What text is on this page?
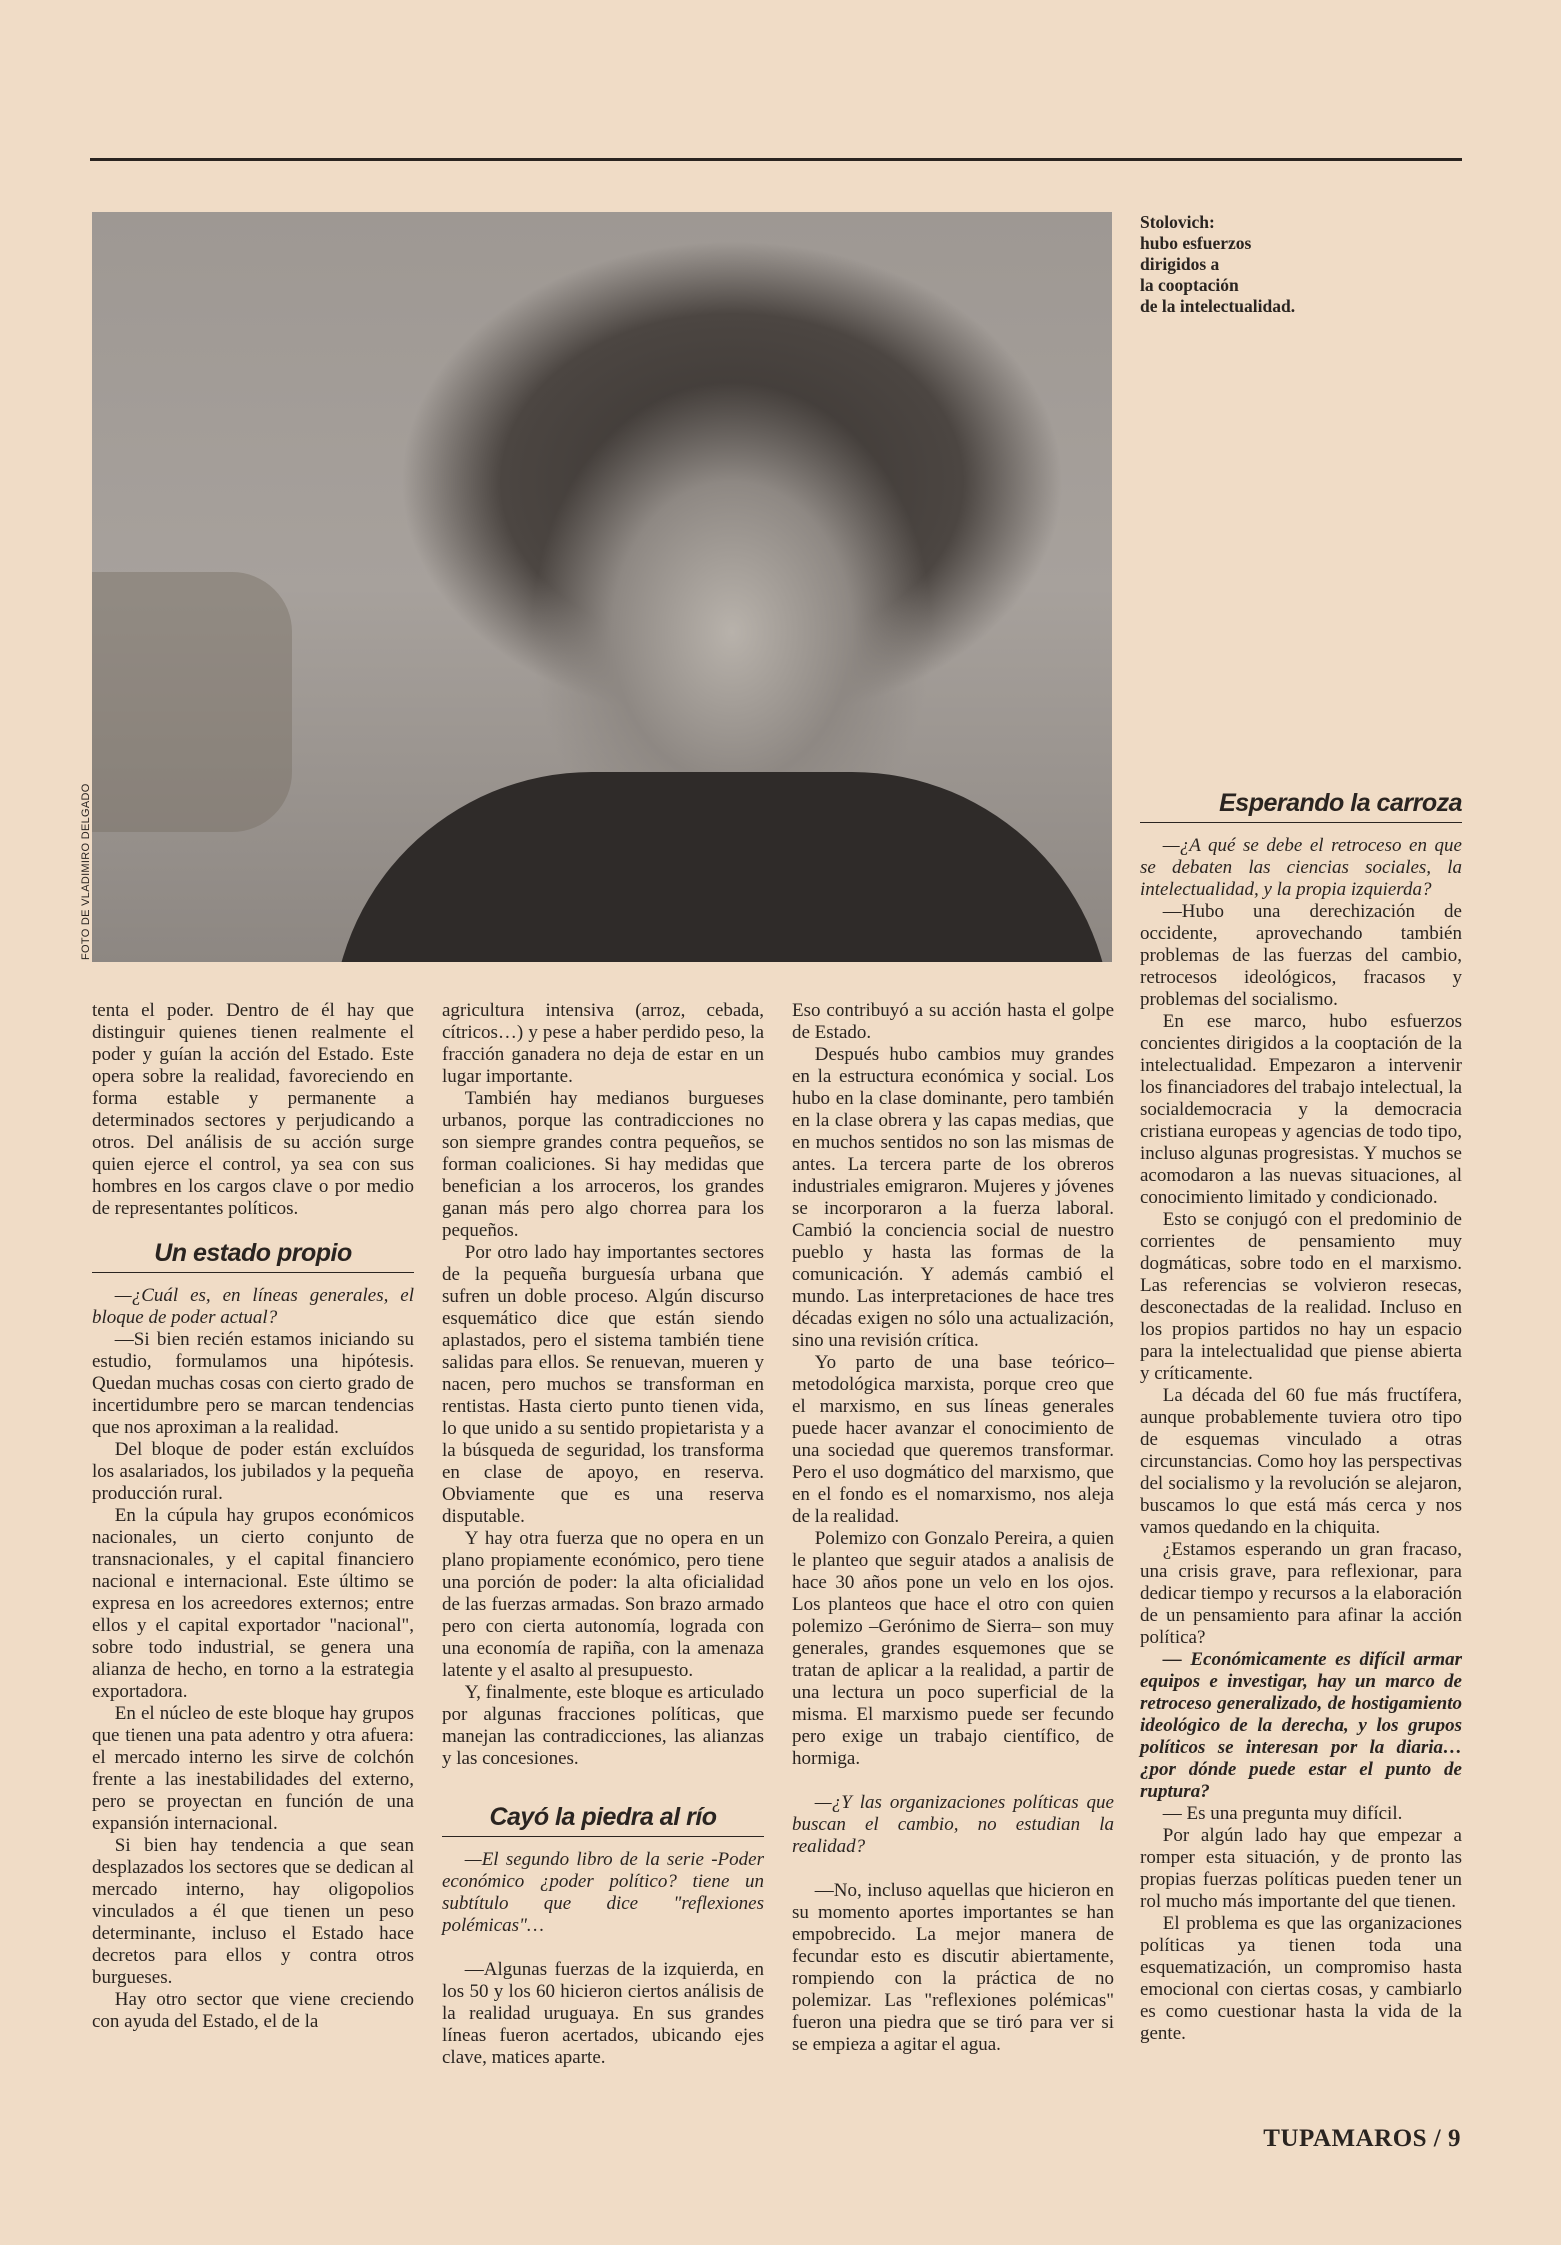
FOTO DE VLADIMIRO DELGADO
Stolovich:
hubo esfuerzos
dirigidos a
la cooptación
de la intelectualidad.

tenta el poder. Dentro de él hay que distinguir quienes tienen realmente el poder y guían la acción del Estado. Este opera sobre la realidad, favoreciendo en forma estable y permanente a determinados sectores y perjudicando a otros. Del análisis de su acción surge quien ejerce el control, ya sea con sus hombres en los cargos clave o por medio de representantes políticos.

Un estado propio

—¿Cuál es, en líneas generales, el bloque de poder actual?

—Si bien recién estamos iniciando su estudio, formulamos una hipótesis. Quedan muchas cosas con cierto grado de incertidumbre pero se marcan tendencias que nos aproximan a la realidad.

Del bloque de poder están excluídos los asalariados, los jubilados y la pequeña producción rural.

En la cúpula hay grupos económicos nacionales, un cierto conjunto de transnacionales, y el capital financiero nacional e internacional. Este último se expresa en los acreedores externos; entre ellos y el capital exportador "nacional", sobre todo industrial, se genera una alianza de hecho, en torno a la estrategia exportadora.

En el núcleo de este bloque hay grupos que tienen una pata adentro y otra afuera: el mercado interno les sirve de colchón frente a las inestabilidades del externo, pero se proyectan en función de una expansión internacional.

Si bien hay tendencia a que sean desplazados los sectores que se dedican al mercado interno, hay oligopolios vinculados a él que tienen un peso determinante, incluso el Estado hace decretos para ellos y contra otros burgueses.

Hay otro sector que viene creciendo con ayuda del Estado, el de la

agricultura intensiva (arroz, cebada, cítricos…) y pese a haber perdido peso, la fracción ganadera no deja de estar en un lugar importante.

También hay medianos burgueses urbanos, porque las contradicciones no son siempre grandes contra pequeños, se forman coaliciones. Si hay medidas que benefician a los arroceros, los grandes ganan más pero algo chorrea para los pequeños.

Por otro lado hay importantes sectores de la pequeña burguesía urbana que sufren un doble proceso. Algún discurso esquemático dice que están siendo aplastados, pero el sistema también tiene salidas para ellos. Se renuevan, mueren y nacen, pero muchos se transforman en rentistas. Hasta cierto punto tienen vida, lo que unido a su sentido propietarista y a la búsqueda de seguridad, los transforma en clase de apoyo, en reserva. Obviamente que es una reserva disputable.

Y hay otra fuerza que no opera en un plano propiamente económico, pero tiene una porción de poder: la alta oficialidad de las fuerzas armadas. Son brazo armado pero con cierta autonomía, lograda con una economía de rapiña, con la amenaza latente y el asalto al presupuesto.

Y, finalmente, este bloque es articulado por algunas fracciones políticas, que manejan las contradicciones, las alianzas y las concesiones.

Cayó la piedra al río

—El segundo libro de la serie -Poder económico ¿poder político? tiene un subtítulo que dice "reflexiones polémicas"…

—Algunas fuerzas de la izquierda, en los 50 y los 60 hicieron ciertos análisis de la realidad uruguaya. En sus grandes líneas fueron acertados, ubicando ejes clave, matices aparte.

Eso contribuyó a su acción hasta el golpe de Estado.

Después hubo cambios muy grandes en la estructura económica y social. Los hubo en la clase dominante, pero también en la clase obrera y las capas medias, que en muchos sentidos no son las mismas de antes. La tercera parte de los obreros industriales emigraron. Mujeres y jóvenes se incorporaron a la fuerza laboral. Cambió la conciencia social de nuestro pueblo y hasta las formas de la comunicación. Y además cambió el mundo. Las interpretaciones de hace tres décadas exigen no sólo una actualización, sino una revisión crítica.

Yo parto de una base teórico–metodológica marxista, porque creo que el marxismo, en sus líneas generales puede hacer avanzar el conocimiento de una sociedad que queremos transformar. Pero el uso dogmático del marxismo, que en el fondo es el nomarxismo, nos aleja de la realidad.

Polemizo con Gonzalo Pereira, a quien le planteo que seguir atados a analisis de hace 30 años pone un velo en los ojos. Los planteos que hace el otro con quien polemizo –Gerónimo de Sierra– son muy generales, grandes esquemones que se tratan de aplicar a la realidad, a partir de una lectura un poco superficial de la misma. El marxismo puede ser fecundo pero exige un trabajo científico, de hormiga.

—¿Y las organizaciones políticas que buscan el cambio, no estudian la realidad?

—No, incluso aquellas que hicieron en su momento aportes importantes se han empobrecido. La mejor manera de fecundar esto es discutir abiertamente, rompiendo con la práctica de no polemizar. Las "reflexiones polémicas" fueron una piedra que se tiró para ver si se empieza a agitar el agua.

Esperando la carroza

—¿A qué se debe el retroceso en que se debaten las ciencias sociales, la intelectualidad, y la propia izquierda?

—Hubo una derechización de occidente, aprovechando también problemas de las fuerzas del cambio, retrocesos ideológicos, fracasos y problemas del socialismo.

En ese marco, hubo esfuerzos concientes dirigidos a la cooptación de la intelectualidad. Empezaron a intervenir los financiadores del trabajo intelectual, la socialdemocracia y la democracia cristiana europeas y agencias de todo tipo, incluso algunas progresistas. Y muchos se acomodaron a las nuevas situaciones, al conocimiento limitado y condicionado.

Esto se conjugó con el predominio de corrientes de pensamiento muy dogmáticas, sobre todo en el marxismo. Las referencias se volvieron resecas, desconectadas de la realidad. Incluso en los propios partidos no hay un espacio para la intelectualidad que piense abierta y críticamente.

La década del 60 fue más fructífera, aunque probablemente tuviera otro tipo de esquemas vinculado a otras circunstancias. Como hoy las perspectivas del socialismo y la revolución se alejaron, buscamos lo que está más cerca y nos vamos quedando en la chiquita.

¿Estamos esperando un gran fracaso, una crisis grave, para reflexionar, para dedicar tiempo y recursos a la elaboración de un pensamiento para afinar la acción política?

— Económicamente es difícil armar equipos e investigar, hay un marco de retroceso generalizado, de hostigamiento ideológico de la derecha, y los grupos políticos se interesan por la diaria… ¿por dónde puede estar el punto de ruptura?

— Es una pregunta muy difícil.

Por algún lado hay que empezar a romper esta situación, y de pronto las propias fuerzas políticas pueden tener un rol mucho más importante del que tienen.

El problema es que las organizaciones políticas ya tienen toda una esquematización, un compromiso hasta emocional con ciertas cosas, y cambiarlo es como cuestionar hasta la vida de la gente.

TUPAMAROS / 9
